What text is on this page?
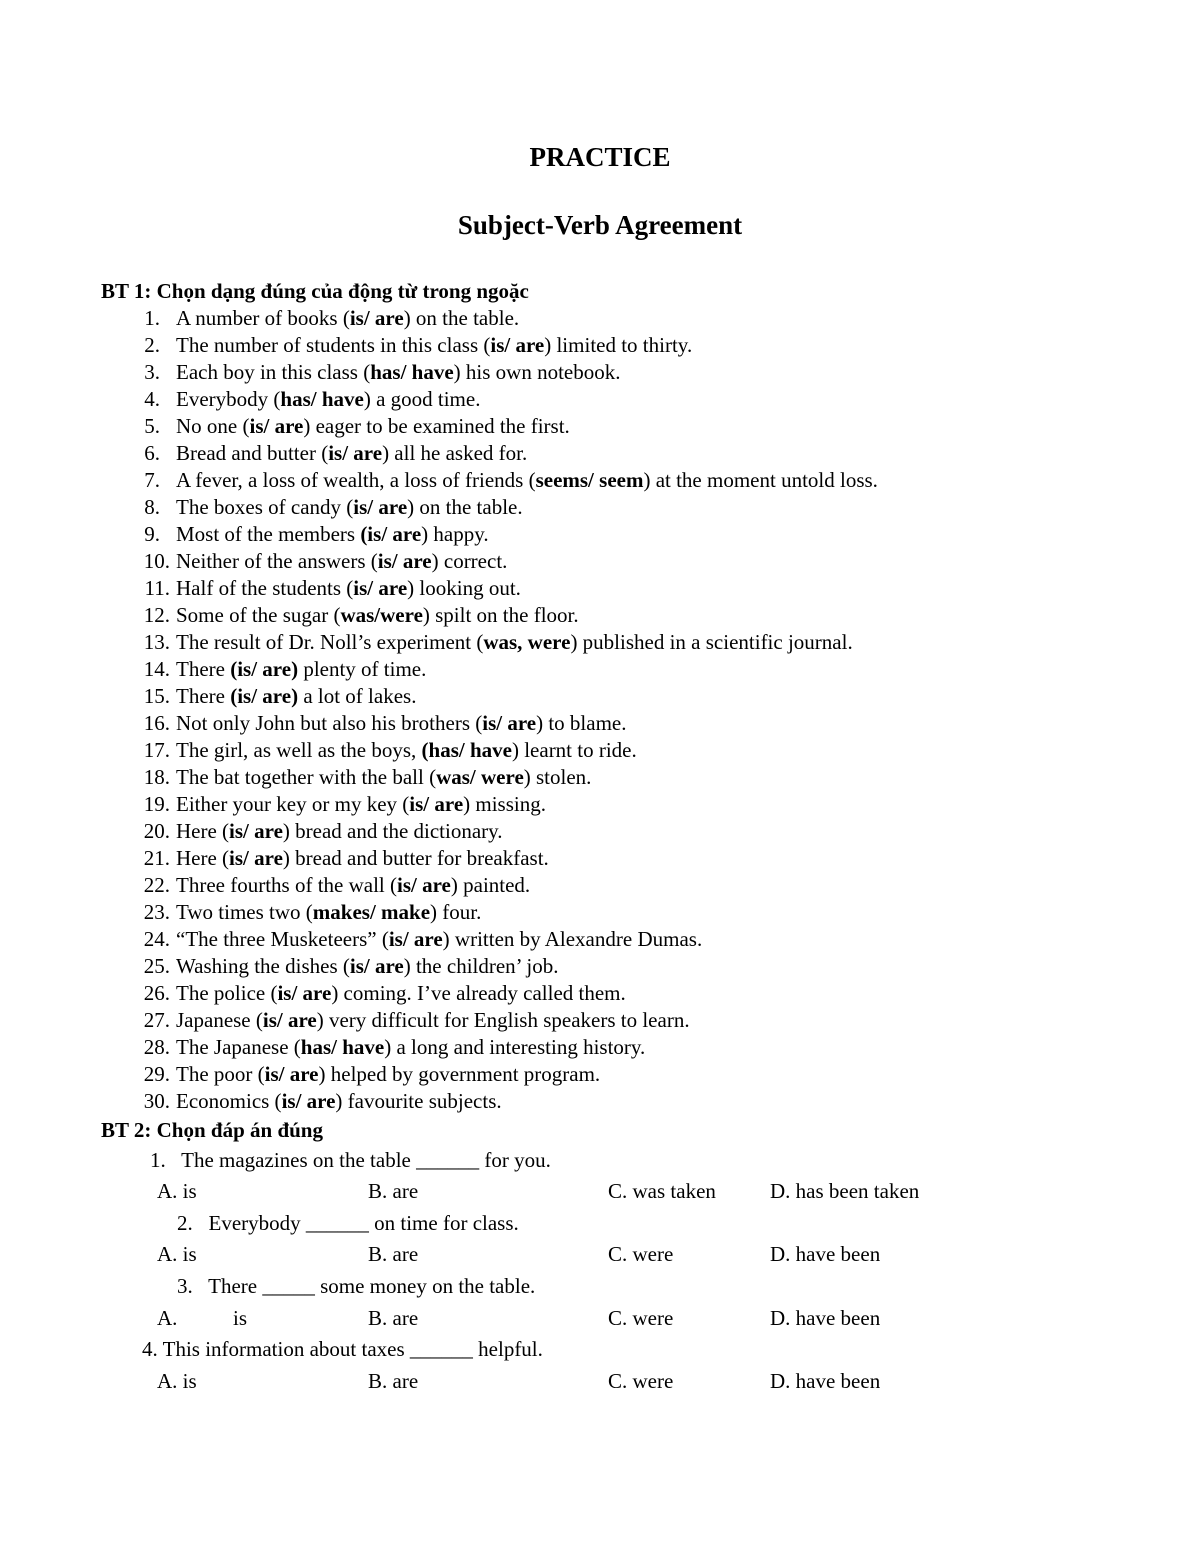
PRACTICE
Subject-Verb Agreement
BT 1: Chọn dạng đúng của động từ trong ngoặc
1. A number of books (is/ are) on the table.
2. The number of students in this class (is/ are) limited to thirty.
3. Each boy in this class (has/ have) his own notebook.
4. Everybody (has/ have) a good time.
5. No one (is/ are) eager to be examined the first.
6. Bread and butter (is/ are) all he asked for.
7. A fever, a loss of wealth, a loss of friends (seems/ seem) at the moment untold loss.
8. The boxes of candy (is/ are) on the table.
9. Most of the members (is/ are) happy.
10. Neither of the answers (is/ are) correct.
11. Half of the students (is/ are) looking out.
12. Some of the sugar (was/were) spilt on the floor.
13. The result of Dr. Noll’s experiment (was, were) published in a scientific journal.
14. There (is/ are) plenty of time.
15. There (is/ are) a lot of lakes.
16. Not only John but also his brothers (is/ are) to blame.
17. The girl, as well as the boys, (has/ have) learnt to ride.
18. The bat together with the ball (was/ were) stolen.
19. Either your key or my key (is/ are) missing.
20. Here (is/ are) bread and the dictionary.
21. Here (is/ are) bread and butter for breakfast.
22. Three fourths of the wall (is/ are) painted.
23. Two times two (makes/ make) four.
24. “The three Musketeers” (is/ are) written by Alexandre Dumas.
25. Washing the dishes (is/ are) the children’ job.
26. The police (is/ are) coming. I’ve already called them.
27. Japanese (is/ are) very difficult for English speakers to learn.
28. The Japanese (has/ have) a long and interesting history.
29. The poor (is/ are) helped by government program.
30. Economics (is/ are) favourite subjects.
BT 2: Chọn đáp án đúng
1. The magazines on the table ______ for you.
A. is	B. are	C. was taken	D. has been taken
2. Everybody ______ on time for class.
A. is	B. are	C. were	D. have been
3. There _____ some money on the table.
A.	is	B. are	C. were	D. have been
4. This information about taxes ______ helpful.
A. is	B. are	C. were	D. have been
